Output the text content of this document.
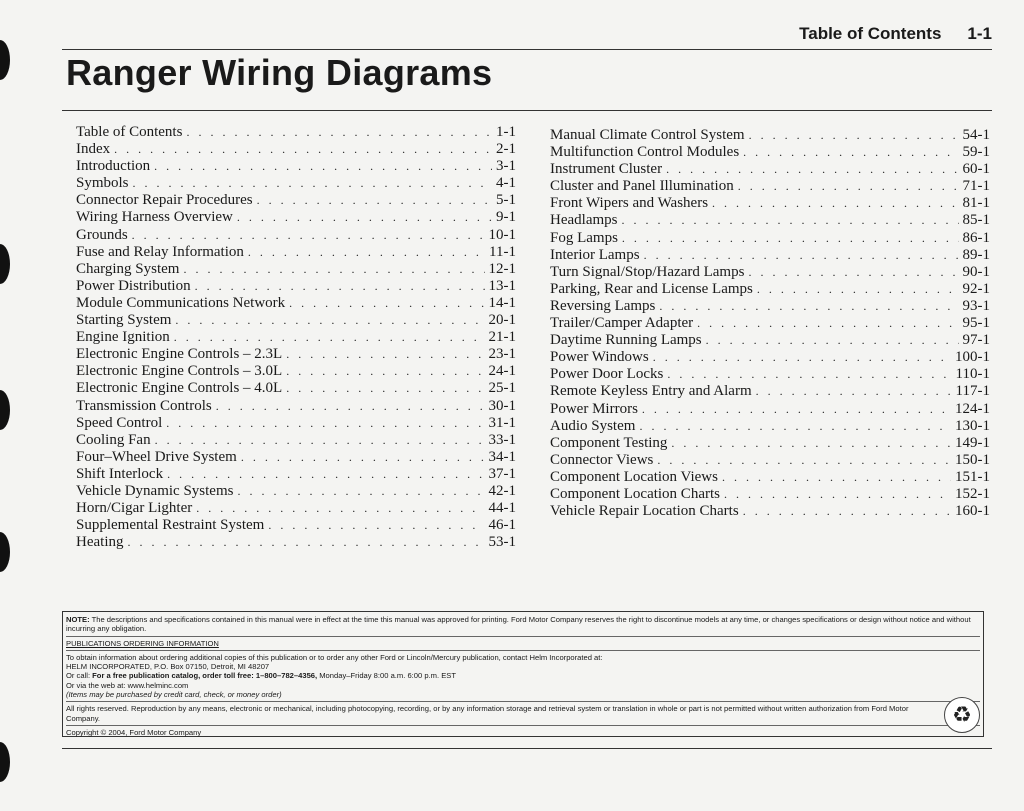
Table of Contents 1-1
Ranger Wiring Diagrams
Table of Contents . . .	1-1
Index . . .	2-1
Introduction . . .	3-1
Symbols . . .	4-1
Connector Repair Procedures . . .	5-1
Wiring Harness Overview . . .	9-1
Grounds . . .	10-1
Fuse and Relay Information . . .	11-1
Charging System . . .	12-1
Power Distribution . . .	13-1
Module Communications Network . . .	14-1
Starting System . . .	20-1
Engine Ignition . . .	21-1
Electronic Engine Controls – 2.3L . . .	23-1
Electronic Engine Controls – 3.0L . . .	24-1
Electronic Engine Controls – 4.0L . . .	25-1
Transmission Controls . . .	30-1
Speed Control . . .	31-1
Cooling Fan . . .	33-1
Four–Wheel Drive System . . .	34-1
Shift Interlock . . .	37-1
Vehicle Dynamic Systems . . .	42-1
Horn/Cigar Lighter . . .	44-1
Supplemental Restraint System . . .	46-1
Heating . . .	53-1
Manual Climate Control System . . .	54-1
Multifunction Control Modules . . .	59-1
Instrument Cluster . . .	60-1
Cluster and Panel Illumination . . .	71-1
Front Wipers and Washers . . .	81-1
Headlamps . . .	85-1
Fog Lamps . . .	86-1
Interior Lamps . . .	89-1
Turn Signal/Stop/Hazard Lamps . . .	90-1
Parking, Rear and License Lamps . . .	92-1
Reversing Lamps . . .	93-1
Trailer/Camper Adapter . . .	95-1
Daytime Running Lamps . . .	97-1
Power Windows . . .	100-1
Power Door Locks . . .	110-1
Remote Keyless Entry and Alarm . . .	117-1
Power Mirrors . . .	124-1
Audio System . . .	130-1
Component Testing . . .	149-1
Connector Views . . .	150-1
Component Location Views . . .	151-1
Component Location Charts . . .	152-1
Vehicle Repair Location Charts . . .	160-1

NOTE: The descriptions and specifications contained in this manual were in effect at the time this manual was approved for printing. Ford Motor Company reserves the right to discontinue models at any time, or changes specifications or design without notice and without incurring any obligation.

PUBLICATIONS ORDERING INFORMATION

To obtain information about ordering additional copies of this publication or to order any other Ford or Lincoln/Mercury publication, contact Helm Incorporated at:

HELM INCORPORATED, P.O. Box 07150, Detroit, MI 48207

Or call: For a free publication catalog, order toll free: 1–800–782–4356, Monday–Friday 8:00 a.m. 6:00 p.m. EST

Or via the web at: www.helminc.com

(Items may be purchased by credit card, check, or money order)

All rights reserved. Reproduction by any means, electronic or mechanical, including photocopying, recording, or by any information storage and retrieval system or translation in whole or part is not permitted without written authorization from Ford Motor Company.

Copyright © 2004, Ford Motor Company

♻
